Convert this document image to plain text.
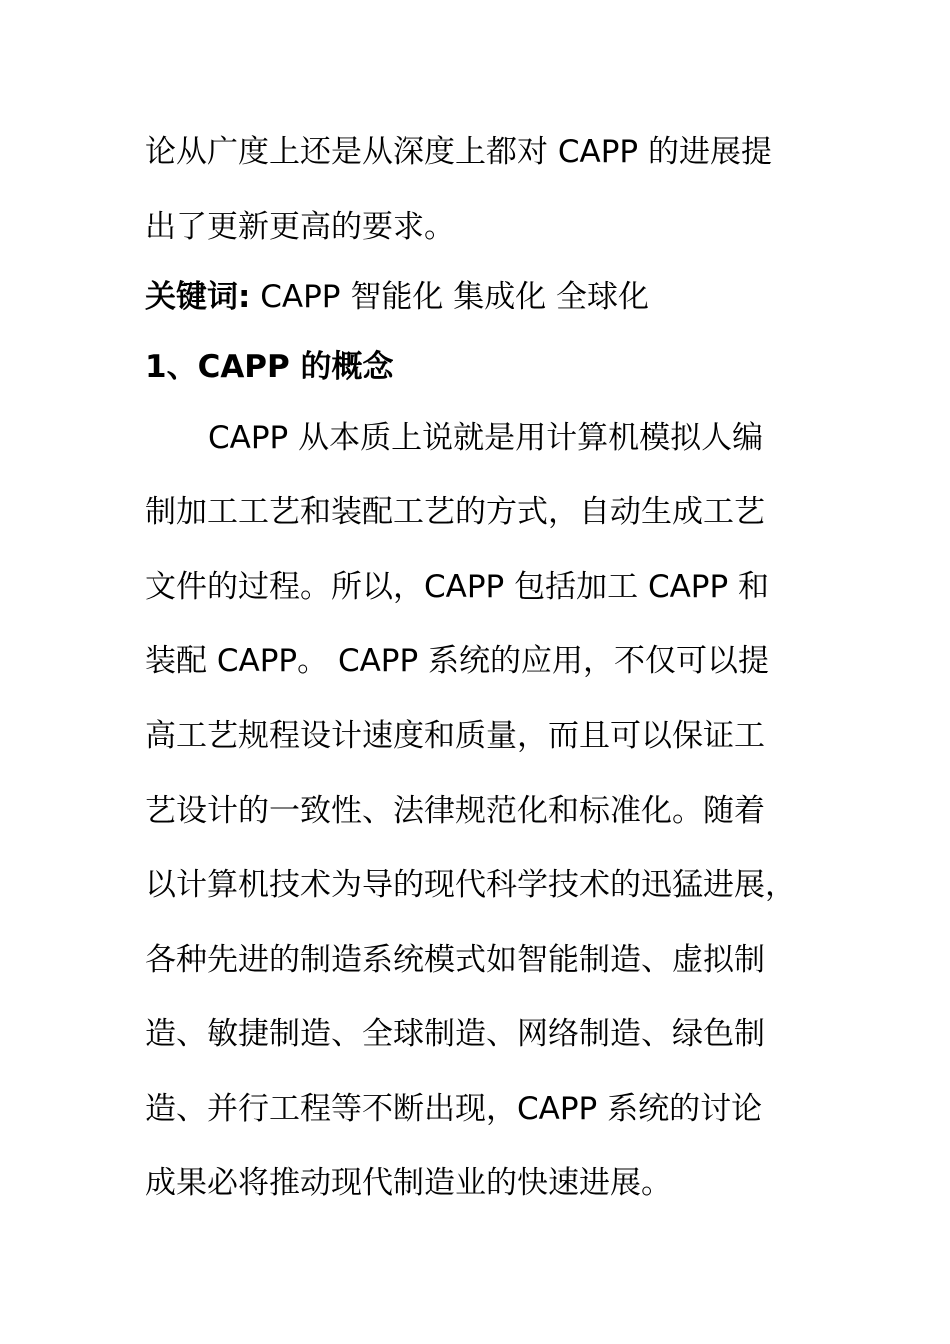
论从广度上还是从深度上都对 CAPP 的进展提
出了更新更高的要求。
关键词: CAPP 智能化 集成化 全球化
1、CAPP 的概念
CAPP 从本质上说就是用计算机模拟人编
制加工工艺和装配工艺的方式，自动生成工艺
文件的过程。所以，CAPP 包括加工 CAPP 和
装配 CAPP。 CAPP 系统的应用，不仅可以提
高工艺规程设计速度和质量，而且可以保证工
艺设计的一致性、法律规范化和标准化。随着
以计算机技术为导的现代科学技术的迅猛进展，
各种先进的制造系统模式如智能制造、虚拟制
造、敏捷制造、全球制造、网络制造、绿色制
造、并行工程等不断出现，CAPP 系统的讨论
成果必将推动现代制造业的快速进展。
